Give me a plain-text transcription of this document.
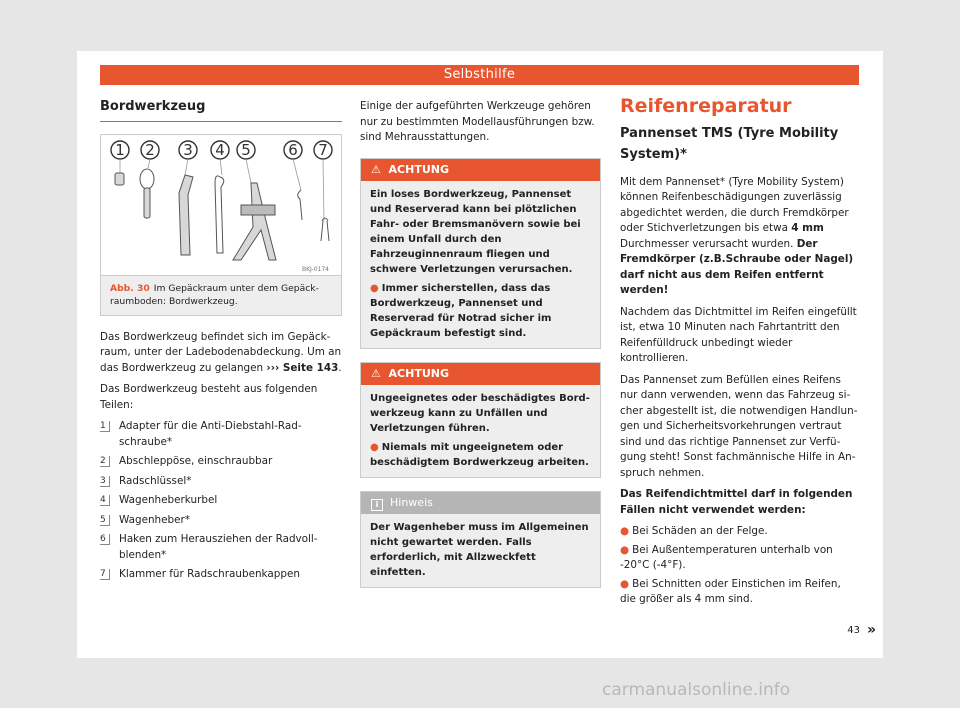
Selbsthilfe
Bordwerkzeug
1 2 3 4 5 6 7
BKJ-0174
Abb. 30 Im Gepäckraum unter dem Gepäckraumboden: Bordwerkzeug.

Das Bordwerkzeug befindet sich im Gepäckraum, unter der Ladebodenabdeckung. Um an das Bordwerkzeug zu gelangen ››› Seite 143.

Das Bordwerkzeug besteht aus folgenden Teilen:

1	Adapter für die Anti-Diebstahl-Radschraube*
2	Abschleppöse, einschraubbar
3	Radschlüssel*
4	Wagenheberkurbel
5	Wagenheber*
6	Haken zum Herausziehen der Radvollblenden*
7	Klammer für Radschraubenkappen

Einige der aufgeführten Werkzeuge gehören nur zu bestimmten Modellausführungen bzw. sind Mehrausstattungen.

⚠ ACHTUNG
Ein loses Bordwerkzeug, Pannenset und Reserverad kann bei plötzlichen Fahr- oder Bremsmanövern sowie bei einem Unfall durch den Fahrzeuginnenraum fliegen und schwere Verletzungen verursachen.
● Immer sicherstellen, dass das Bordwerkzeug, Pannenset und Reserverad für Notrad sicher im Gepäckraum befestigt sind.
⚠ ACHTUNG
Ungeeignetes oder beschädigtes Bordwerkzeug kann zu Unfällen und Verletzungen führen.
● Niemals mit ungeeignetem oder beschädigtem Bordwerkzeug arbeiten.
i Hinweis
Der Wagenheber muss im Allgemeinen nicht gewartet werden. Falls erforderlich, mit Allzweckfett einfetten.
Reifenreparatur
Pannenset TMS (Tyre Mobility System)*

Mit dem Pannenset* (Tyre Mobility System) können Reifenbeschädigungen zuverlässig abgedichtet werden, die durch Fremdkörper oder Stichverletzungen bis etwa 4 mm Durchmesser verursacht wurden. Der Fremdkörper (z.B.Schraube oder Nagel) darf nicht aus dem Reifen entfernt werden!

Nachdem das Dichtmittel im Reifen eingefüllt ist, etwa 10 Minuten nach Fahrtantritt den Reifenfülldruck unbedingt wieder kontrollieren.

Das Pannenset zum Befüllen eines Reifens nur dann verwenden, wenn das Fahrzeug sicher abgestellt ist, die notwendigen Handlungen und Sicherheitsvorkehrungen vertraut sind und das richtige Pannenset zur Verfügung steht! Sonst fachmännische Hilfe in Anspruch nehmen.

Das Reifendichtmittel darf in folgenden Fällen nicht verwendet werden:

● Bei Schäden an der Felge.

● Bei Außentemperaturen unterhalb von -20°C (-4°F).

● Bei Schnitten oder Einstichen im Reifen, die größer als 4 mm sind.

»
43
carmanualsonline.info
